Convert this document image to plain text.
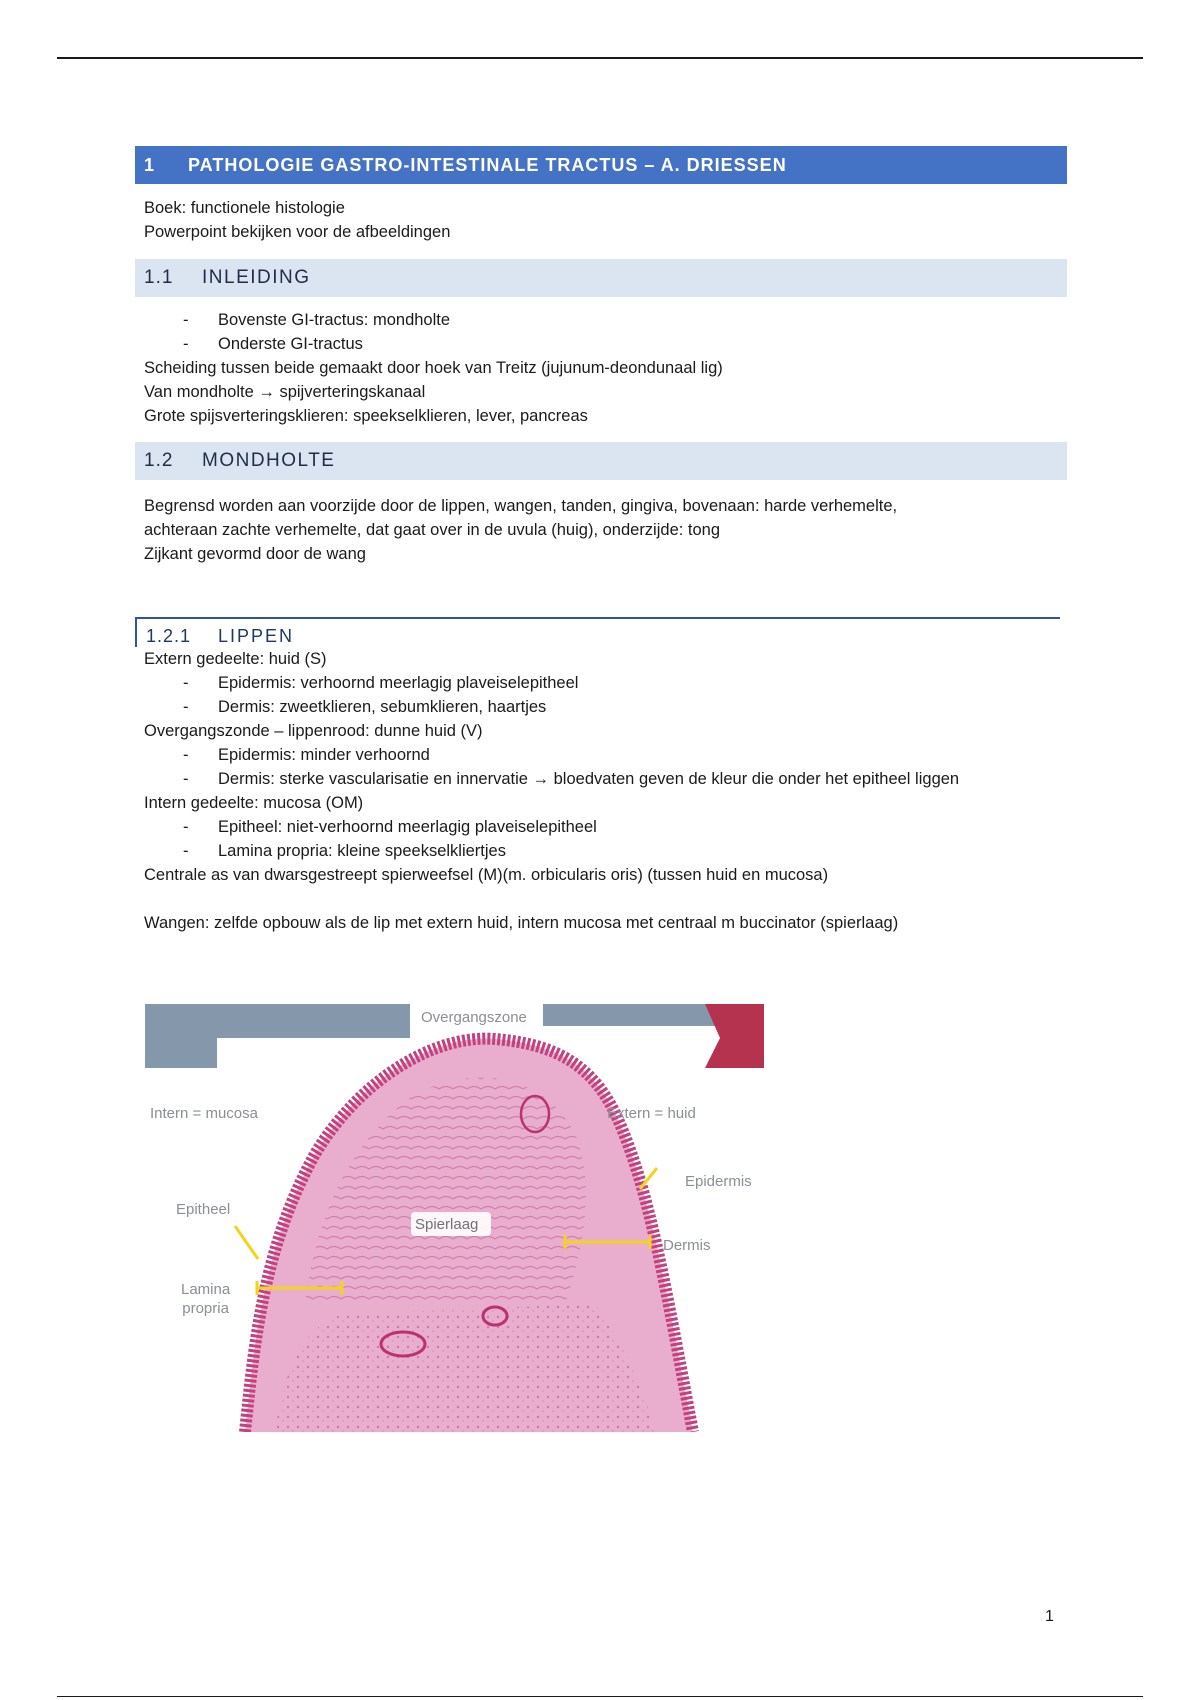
1	PATHOLOGIE GASTRO-INTESTINALE TRACTUS – A. DRIESSEN
Boek: functionele histologie
Powerpoint bekijken voor de afbeeldingen
1.1	INLEIDING
-	Bovenste GI-tractus: mondholte
-	Onderste GI-tractus
Scheiding tussen beide gemaakt door hoek van Treitz (jujunum-deondunaal lig)
Van mondholte → spijverteringskanaal
Grote spijsverteringsklieren: speekselklieren, lever, pancreas
1.2	MONDHOLTE
Begrensd worden aan voorzijde door de lippen, wangen, tanden, gingiva, bovenaan: harde verhemelte,
achteraan zachte verhemelte, dat gaat over in de uvula (huig), onderzijde: tong
Zijkant gevormd door de wang
1.2.1	LIPPEN
Extern gedeelte: huid (S)
-	Epidermis: verhoornd meerlagig plaveiselepitheel
-	Dermis: zweetklieren, sebumklieren, haartjes
Overgangszonde – lippenrood: dunne huid (V)
-	Epidermis: minder verhoornd
-	Dermis: sterke vascularisatie en innervatie → bloedvaten geven de kleur die onder het epitheel liggen
Intern gedeelte: mucosa (OM)
-	Epitheel: niet-verhoornd meerlagig plaveiselepitheel
-	Lamina propria: kleine speekselkliertjes
Centrale as van dwarsgestreept spierweefsel (M)(m. orbicularis oris) (tussen huid en mucosa)
Wangen: zelfde opbouw als de lip met extern huid, intern mucosa met centraal m buccinator (spierlaag)
Overgangszone
Intern = mucosa	Extern = huid
Epidermis
Epitheel
Spierlaag
Dermis
Lamina
propria
1
